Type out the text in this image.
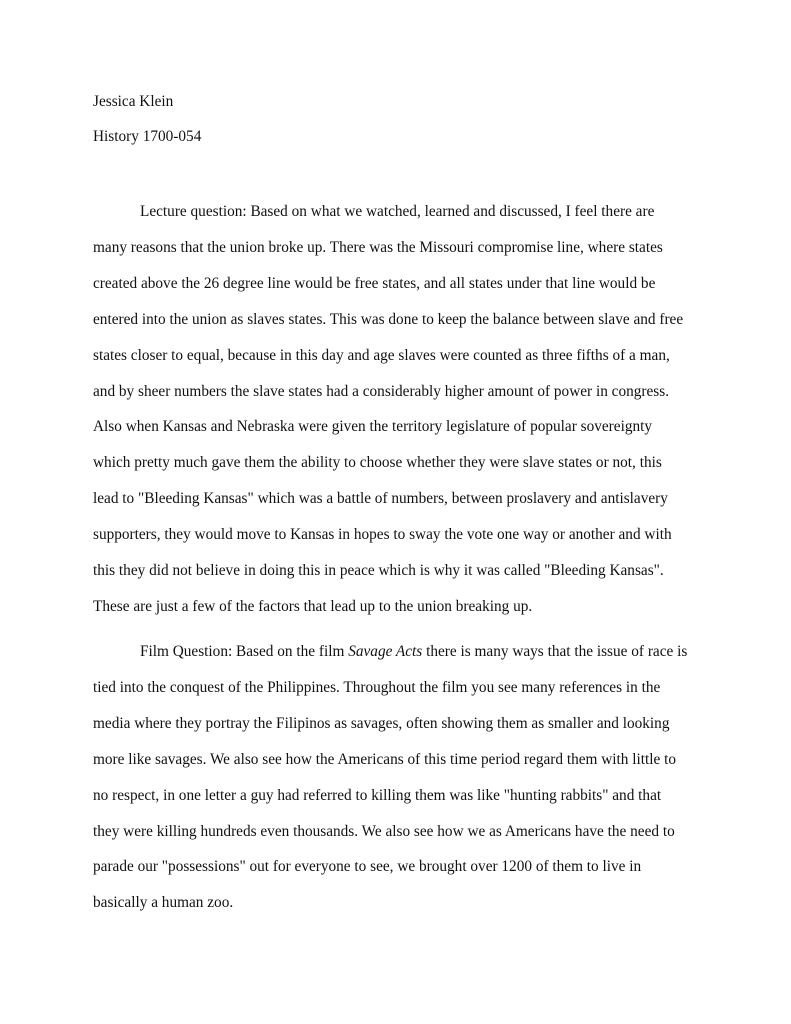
Jessica Klein
History 1700-054
Lecture question: Based on what we watched, learned and discussed, I feel there are
many reasons that the union broke up. There was the Missouri compromise line, where states
created above the 26 degree line would be free states, and all states under that line would be
entered into the union as slaves states. This was done to keep the balance between slave and free
states closer to equal, because in this day and age slaves were counted as three fifths of a man,
and by sheer numbers the slave states had a considerably higher amount of power in congress.
Also when Kansas and Nebraska were given the territory legislature of popular sovereignty
which pretty much gave them the ability to choose whether they were slave states or not, this
lead to "Bleeding Kansas" which was a battle of numbers, between proslavery and antislavery
supporters, they would move to Kansas in hopes to sway the vote one way or another and with
this they did not believe in doing this in peace which is why it was called "Bleeding Kansas".
These are just a few of the factors that lead up to the union breaking up.
Film Question: Based on the film Savage Acts there is many ways that the issue of race is
tied into the conquest of the Philippines. Throughout the film you see many references in the
media where they portray the Filipinos as savages, often showing them as smaller and looking
more like savages. We also see how the Americans of this time period regard them with little to
no respect, in one letter a guy had referred to killing them was like "hunting rabbits" and that
they were killing hundreds even thousands. We also see how we as Americans have the need to
parade our "possessions" out for everyone to see, we brought over 1200 of them to live in
basically a human zoo.
